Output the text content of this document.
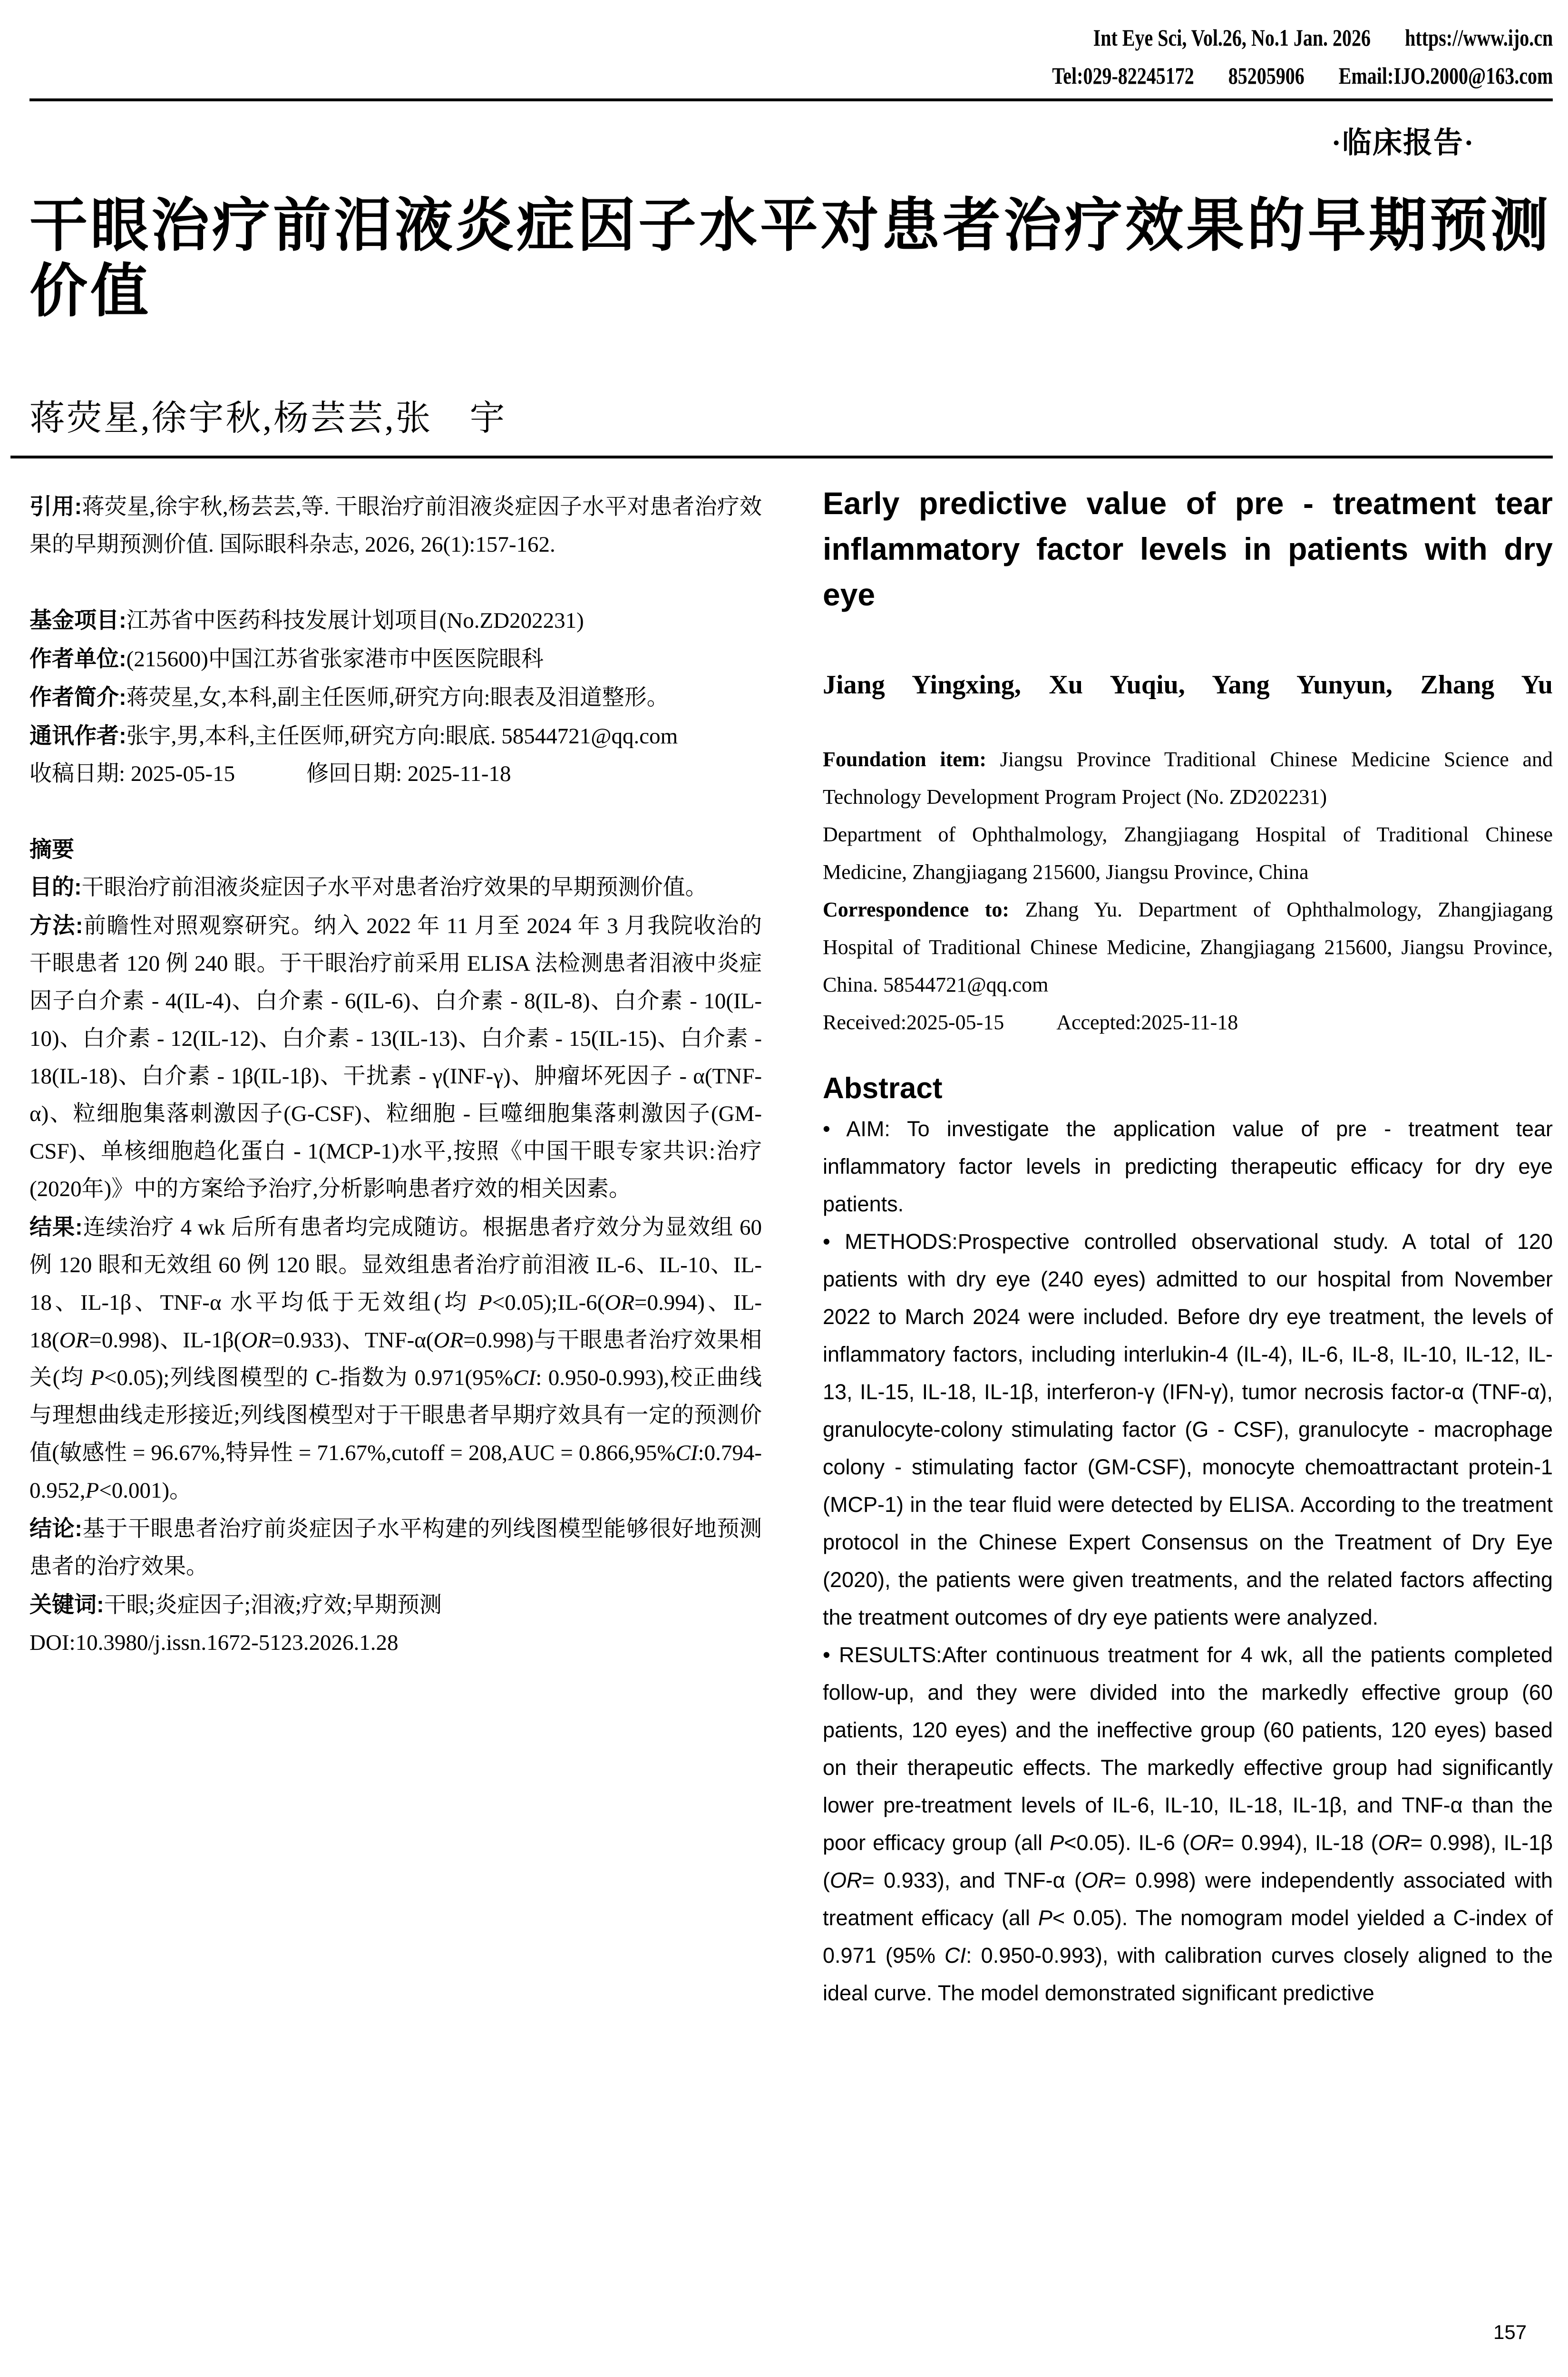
Int Eye Sci, Vol.26, No.1 Jan. 2026 https://www.ijo.cn
Tel:029-82245172 85205906 Email:IJO.2000@163.com
·临床报告·
干眼治疗前泪液炎症因子水平对患者治疗效果的早期预测价值
蒋荧星,徐宇秋,杨芸芸,张　宇

引用:蒋荧星,徐宇秋,杨芸芸,等. 干眼治疗前泪液炎症因子水平对患者治疗效果的早期预测价值. 国际眼科杂志, 2026, 26(1):157-162.

基金项目:江苏省中医药科技发展计划项目(No.ZD202231)

作者单位:(215600)中国江苏省张家港市中医医院眼科

作者简介:蒋荧星,女,本科,副主任医师,研究方向:眼表及泪道整形。

通讯作者:张宇,男,本科,主任医师,研究方向:眼底. 58544721@qq.com

收稿日期: 2025-05-15	修回日期: 2025-11-18

摘要

目的:干眼治疗前泪液炎症因子水平对患者治疗效果的早期预测价值。

方法:前瞻性对照观察研究。纳入 2022 年 11 月至 2024 年 3 月我院收治的干眼患者 120 例 240 眼。于干眼治疗前采用 ELISA 法检测患者泪液中炎症因子白介素 - 4(IL-4)、白介素 - 6(IL-6)、白介素 - 8(IL-8)、白介素 - 10(IL-10)、白介素 - 12(IL-12)、白介素 - 13(IL-13)、白介素 - 15(IL-15)、白介素 - 18(IL-18)、白介素 - 1β(IL-1β)、干扰素 - γ(INF-γ)、肿瘤坏死因子 - α(TNF-α)、粒细胞集落刺激因子(G-CSF)、粒细胞 - 巨噬细胞集落刺激因子(GM-CSF)、单核细胞趋化蛋白 - 1(MCP-1)水平,按照《中国干眼专家共识:治疗(2020年)》中的方案给予治疗,分析影响患者疗效的相关因素。

结果:连续治疗 4 wk 后所有患者均完成随访。根据患者疗效分为显效组 60 例 120 眼和无效组 60 例 120 眼。显效组患者治疗前泪液 IL-6、IL-10、IL-18、IL-1β、TNF-α 水平均低于无效组(均 P<0.05);IL-6(OR=0.994)、IL-18(OR=0.998)、IL-1β(OR=0.933)、TNF-α(OR=0.998)与干眼患者治疗效果相关(均 P<0.05);列线图模型的 C-指数为 0.971(95%CI: 0.950-0.993),校正曲线与理想曲线走形接近;列线图模型对于干眼患者早期疗效具有一定的预测价值(敏感性 = 96.67%,特异性 = 71.67%,cutoff = 208,AUC = 0.866,95%CI:0.794-0.952,P<0.001)。

结论:基于干眼患者治疗前炎症因子水平构建的列线图模型能够很好地预测患者的治疗效果。

关键词:干眼;炎症因子;泪液;疗效;早期预测

DOI:10.3980/j.issn.1672-5123.2026.1.28

Early predictive value of pre - treatment tear inflammatory factor levels in patients with dry eye
Jiang Yingxing, Xu Yuqiu, Yang Yunyun, Zhang Yu

Foundation item: Jiangsu Province Traditional Chinese Medicine Science and Technology Development Program Project (No. ZD202231)

Department of Ophthalmology, Zhangjiagang Hospital of Traditional Chinese Medicine, Zhangjiagang 215600, Jiangsu Province, China

Correspondence to: Zhang Yu. Department of Ophthalmology, Zhangjiagang Hospital of Traditional Chinese Medicine, Zhangjiagang 215600, Jiangsu Province, China. 58544721@qq.com

Received:2025-05-15	Accepted:2025-11-18

Abstract

• AIM: To investigate the application value of pre - treatment tear inflammatory factor levels in predicting therapeutic efficacy for dry eye patients.

• METHODS:Prospective controlled observational study. A total of 120 patients with dry eye (240 eyes) admitted to our hospital from November 2022 to March 2024 were included. Before dry eye treatment, the levels of inflammatory factors, including interlukin-4 (IL-4), IL-6, IL-8, IL-10, IL-12, IL-13, IL-15, IL-18, IL-1β, interferon-γ (IFN-γ), tumor necrosis factor-α (TNF-α), granulocyte-colony stimulating factor (G - CSF), granulocyte - macrophage colony - stimulating factor (GM-CSF), monocyte chemoattractant protein-1 (MCP-1) in the tear fluid were detected by ELISA. According to the treatment protocol in the Chinese Expert Consensus on the Treatment of Dry Eye (2020), the patients were given treatments, and the related factors affecting the treatment outcomes of dry eye patients were analyzed.

• RESULTS:After continuous treatment for 4 wk, all the patients completed follow-up, and they were divided into the markedly effective group (60 patients, 120 eyes) and the ineffective group (60 patients, 120 eyes) based on their therapeutic effects. The markedly effective group had significantly lower pre-treatment levels of IL-6, IL-10, IL-18, IL-1β, and TNF-α than the poor efficacy group (all P<0.05). IL-6 (OR= 0.994), IL-18 (OR= 0.998), IL-1β (OR= 0.933), and TNF-α (OR= 0.998) were independently associated with treatment efficacy (all P< 0.05). The nomogram model yielded a C-index of 0.971 (95% CI: 0.950-0.993), with calibration curves closely aligned to the ideal curve. The model demonstrated significant predictive

157
